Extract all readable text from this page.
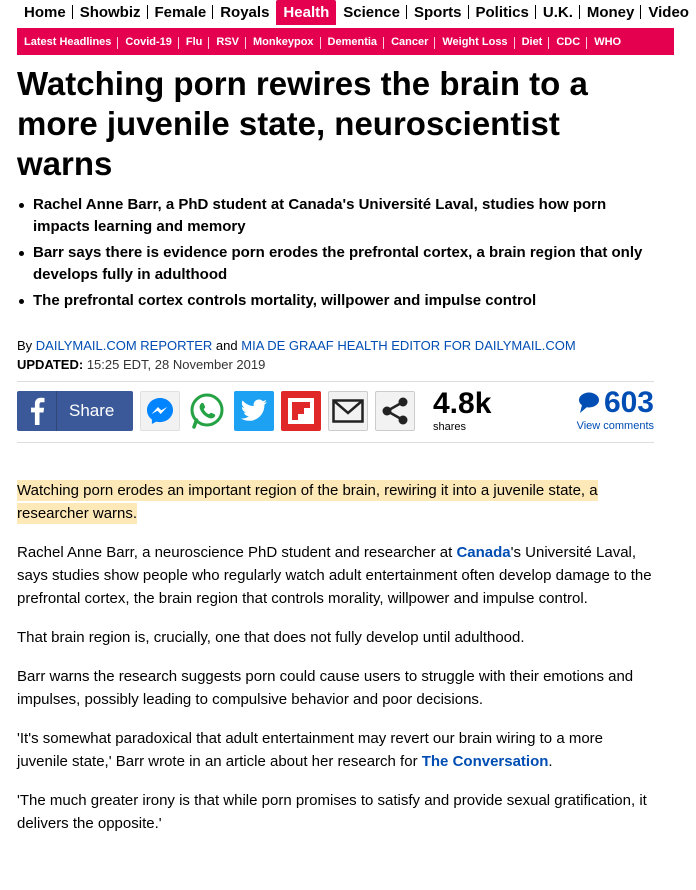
Home Showbiz Female Royals Health Science Sports Politics U.K. Money Video
Latest Headlines	Covid-19	Flu	RSV	Monkeypox	Dementia	Cancer	Weight Loss	Diet	CDC	WHO
Watching porn rewires the brain to a more juvenile state, neuroscientist warns
Rachel Anne Barr, a PhD student at Canada's Université Laval, studies how porn impacts learning and memory
Barr says there is evidence porn erodes the prefrontal cortex, a brain region that only develops fully in adulthood
The prefrontal cortex controls mortality, willpower and impulse control
By DAILYMAIL.COM REPORTER and MIA DE GRAAF HEALTH EDITOR FOR DAILYMAIL.COM
UPDATED: 15:25 EDT, 28 November 2019
Share	4.8k
shares
603
View comments
Watching porn erodes an important region of the brain, rewiring it into a juvenile state, a researcher warns.

Rachel Anne Barr, a neuroscience PhD student and researcher at Canada's Université Laval, says studies show people who regularly watch adult entertainment often develop damage to the prefrontal cortex, the brain region that controls morality, willpower and impulse control.

That brain region is, crucially, one that does not fully develop until adulthood.

Barr warns the research suggests porn could cause users to struggle with their emotions and impulses, possibly leading to compulsive behavior and poor decisions.

'It's somewhat paradoxical that adult entertainment may revert our brain wiring to a more juvenile state,' Barr wrote in an article about her research for The Conversation.

'The much greater irony is that while porn promises to satisfy and provide sexual gratification, it delivers the opposite.'
